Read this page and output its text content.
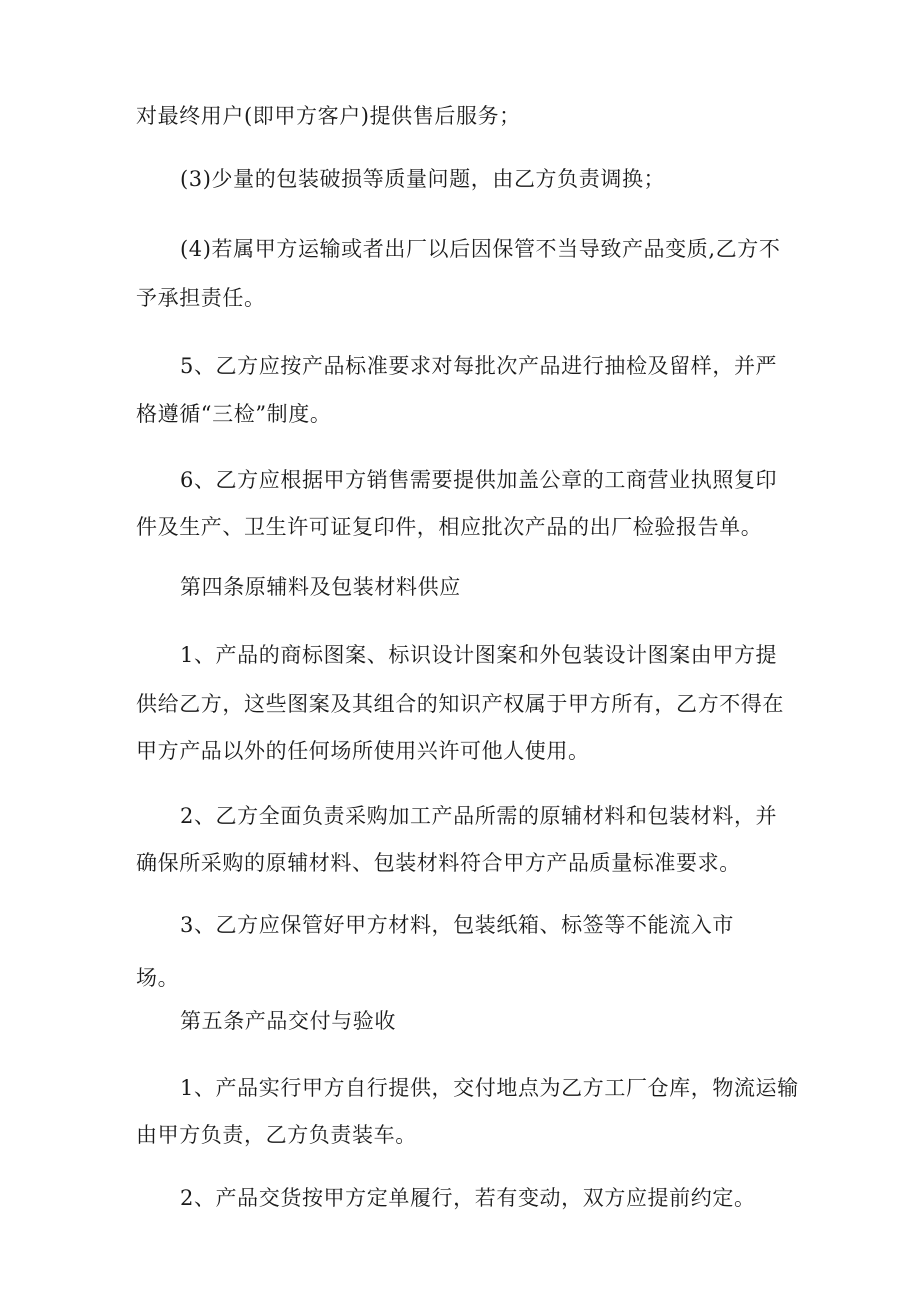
对最终用户(即甲方客户)提供售后服务；
(3)少量的包装破损等质量问题，由乙方负责调换；
(4)若属甲方运输或者出厂以后因保管不当导致产品变质,乙方不
予承担责任。
5、乙方应按产品标准要求对每批次产品进行抽检及留样，并严
格遵循“三检”制度。
6、乙方应根据甲方销售需要提供加盖公章的工商营业执照复印
件及生产、卫生许可证复印件，相应批次产品的出厂检验报告单。
第四条原辅料及包装材料供应
1、产品的商标图案、标识设计图案和外包装设计图案由甲方提
供给乙方，这些图案及其组合的知识产权属于甲方所有，乙方不得在
甲方产品以外的任何场所使用兴许可他人使用。
2、乙方全面负责采购加工产品所需的原辅材料和包装材料，并
确保所采购的原辅材料、包装材料符合甲方产品质量标准要求。
3、乙方应保管好甲方材料，包装纸箱、标签等不能流入市
场。
第五条产品交付与验收
1、产品实行甲方自行提供，交付地点为乙方工厂仓库，物流运输
由甲方负责，乙方负责装车。
2、产品交货按甲方定单履行，若有变动，双方应提前约定。
